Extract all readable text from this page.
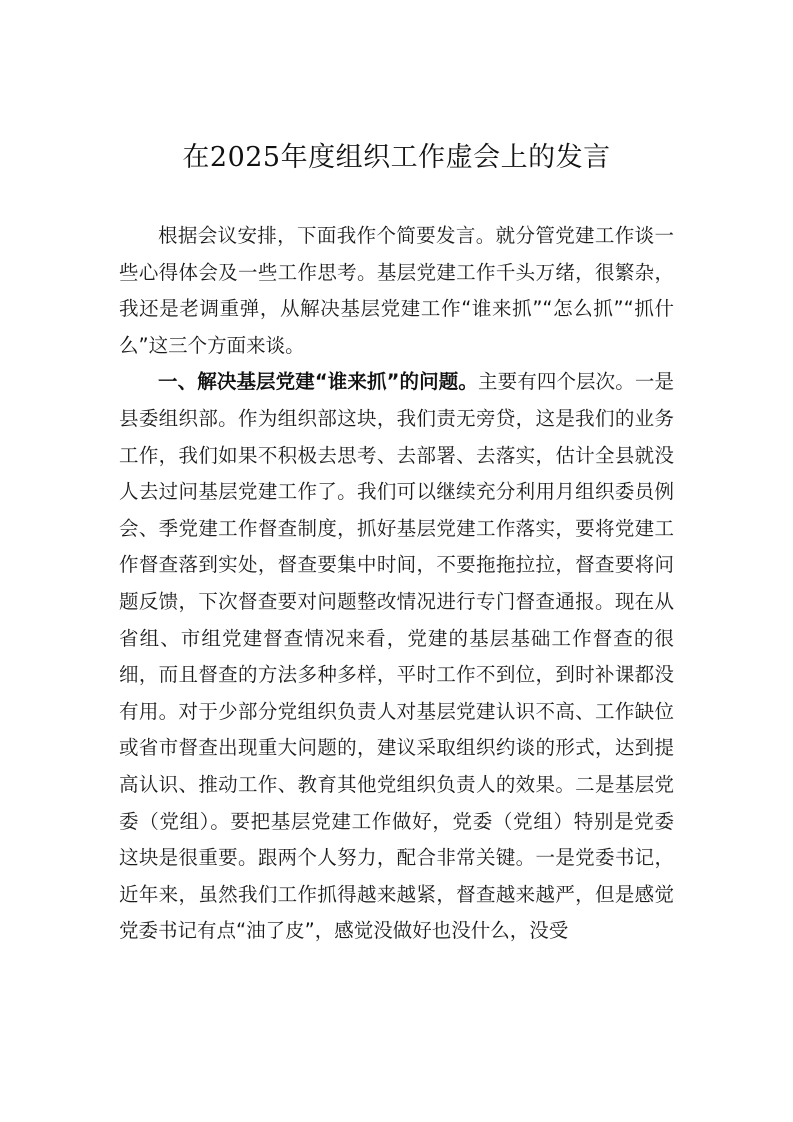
在2025年度组织工作虚会上的发言

根据会议安排，下面我作个简要发言。就分管党建工作谈一些心得体会及一些工作思考。基层党建工作千头万绪，很繁杂，我还是老调重弹，从解决基层党建工作“谁来抓”“怎么抓”“抓什么”这三个方面来谈。

一、解决基层党建“谁来抓”的问题。主要有四个层次。一是县委组织部。作为组织部这块，我们责无旁贷，这是我们的业务工作，我们如果不积极去思考、去部署、去落实，估计全县就没人去过问基层党建工作了。我们可以继续充分利用月组织委员例会、季党建工作督查制度，抓好基层党建工作落实，要将党建工作督查落到实处，督查要集中时间，不要拖拖拉拉，督查要将问题反馈，下次督查要对问题整改情况进行专门督查通报。现在从省组、市组党建督查情况来看，党建的基层基础工作督查的很细，而且督查的方法多种多样，平时工作不到位，到时补课都没有用。对于少部分党组织负责人对基层党建认识不高、工作缺位或省市督查出现重大问题的，建议采取组织约谈的形式，达到提高认识、推动工作、教育其他党组织负责人的效果。二是基层党委（党组）。要把基层党建工作做好，党委（党组）特别是党委这块是很重要。跟两个人努力，配合非常关键。一是党委书记，近年来，虽然我们工作抓得越来越紧，督查越来越严，但是感觉党委书记有点“油了皮”，感觉没做好也没什么，没受
